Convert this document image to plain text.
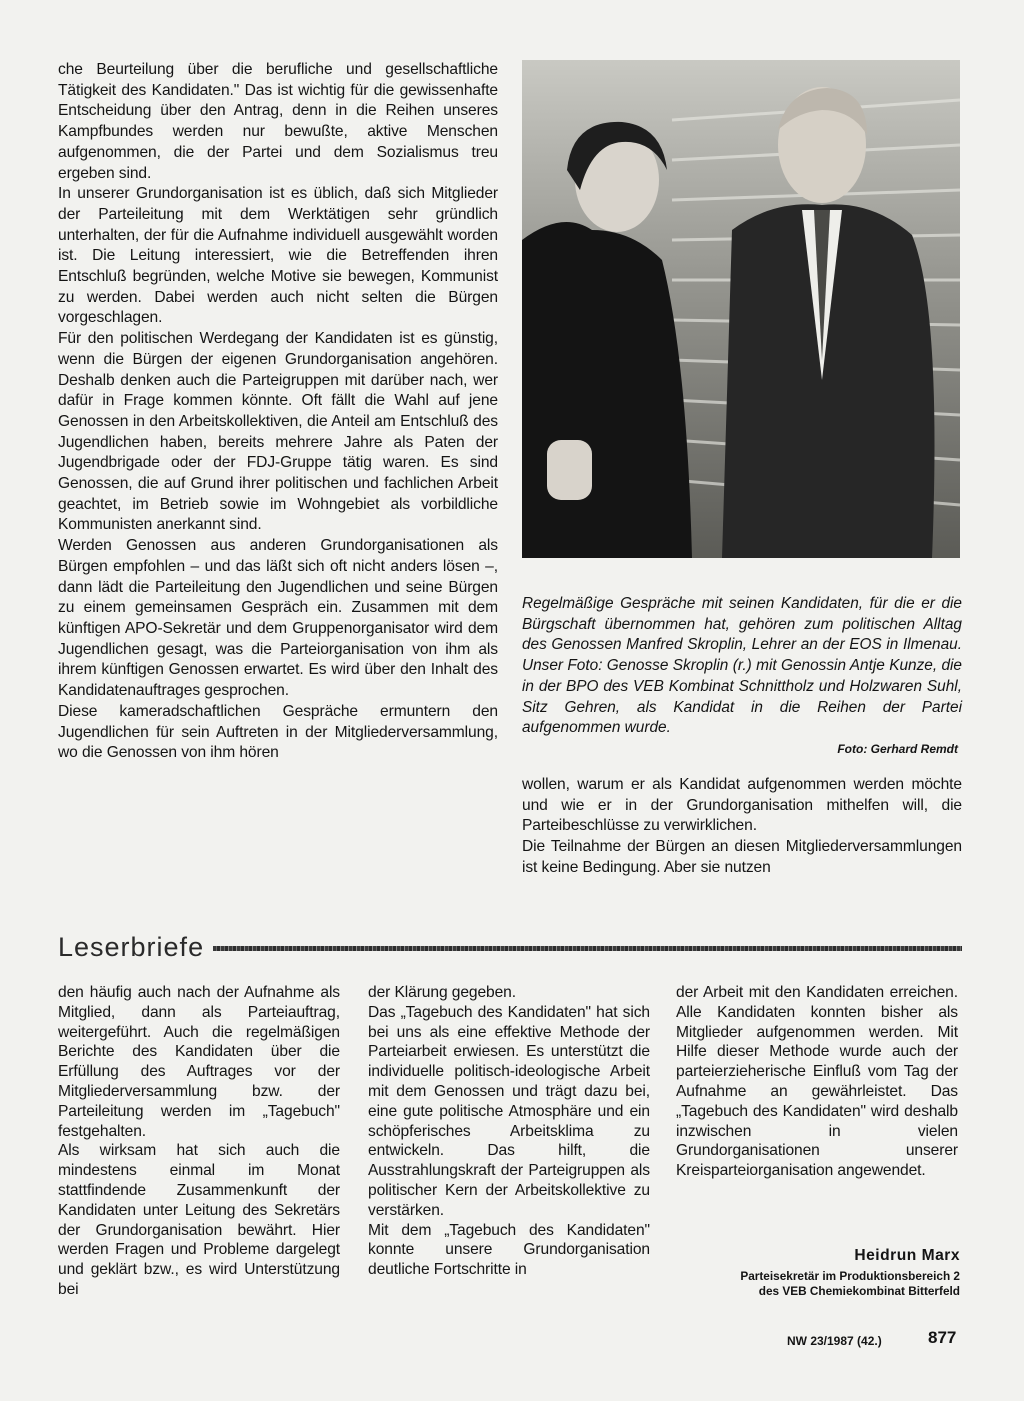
che Beurteilung über die berufliche und gesellschaftliche Tätigkeit des Kandidaten." Das ist wichtig für die gewissenhafte Entscheidung über den Antrag, denn in die Reihen unseres Kampfbundes werden nur bewußte, aktive Menschen aufgenommen, die der Partei und dem Sozialismus treu ergeben sind.

In unserer Grundorganisation ist es üblich, daß sich Mitglieder der Parteileitung mit dem Werktätigen sehr gründlich unterhalten, der für die Aufnahme individuell ausgewählt worden ist. Die Leitung interessiert, wie die Betreffenden ihren Entschluß begründen, welche Motive sie bewegen, Kommunist zu werden. Dabei werden auch nicht selten die Bürgen vorgeschlagen.

Für den politischen Werdegang der Kandidaten ist es günstig, wenn die Bürgen der eigenen Grundorganisation angehören. Deshalb denken auch die Parteigruppen mit darüber nach, wer dafür in Frage kommen könnte. Oft fällt die Wahl auf jene Genossen in den Arbeitskollektiven, die Anteil am Entschluß des Jugendlichen haben, bereits mehrere Jahre als Paten der Jugendbrigade oder der FDJ-Gruppe tätig waren. Es sind Genossen, die auf Grund ihrer politischen und fachlichen Arbeit geachtet, im Betrieb sowie im Wohngebiet als vorbildliche Kommunisten anerkannt sind.

Werden Genossen aus anderen Grundorganisationen als Bürgen empfohlen – und das läßt sich oft nicht anders lösen –, dann lädt die Parteileitung den Jugendlichen und seine Bürgen zu einem gemeinsamen Gespräch ein. Zusammen mit dem künftigen APO-Sekretär und dem Gruppenorganisator wird dem Jugendlichen gesagt, was die Parteiorganisation von ihm als ihrem künftigen Genossen erwartet. Es wird über den Inhalt des Kandidatenauftrages gesprochen.

Diese kameradschaftlichen Gespräche ermuntern den Jugendlichen für sein Auftreten in der Mitgliederversammlung, wo die Genossen von ihm hören

Regelmäßige Gespräche mit seinen Kandidaten, für die er die Bürgschaft übernommen hat, gehören zum politischen Alltag des Genossen Manfred Skroplin, Lehrer an der EOS in Ilmenau. Unser Foto: Genosse Skroplin (r.) mit Genossin Antje Kunze, die in der BPO des VEB Kombinat Schnittholz und Holzwaren Suhl, Sitz Gehren, als Kandidat in die Reihen der Partei aufgenommen wurde.

Foto: Gerhard Remdt

wollen, warum er als Kandidat aufgenommen werden möchte und wie er in der Grundorganisation mithelfen will, die Parteibeschlüsse zu verwirklichen.

Die Teilnahme der Bürgen an diesen Mitgliederversammlungen ist keine Bedingung. Aber sie nutzen

Leserbriefe

den häufig auch nach der Aufnahme als Mitglied, dann als Parteiauftrag, weitergeführt. Auch die regelmäßigen Berichte des Kandidaten über die Erfüllung des Auftrages vor der Mitgliederversammlung bzw. der Parteileitung werden im „Tagebuch" festgehalten.

Als wirksam hat sich auch die mindestens einmal im Monat stattfindende Zusammenkunft der Kandidaten unter Leitung des Sekretärs der Grundorganisation bewährt. Hier werden Fragen und Probleme dargelegt und geklärt bzw., es wird Unterstützung bei

der Klärung gegeben.

Das „Tagebuch des Kandidaten" hat sich bei uns als eine effektive Methode der Parteiarbeit erwiesen. Es unterstützt die individuelle politisch-ideologische Arbeit mit dem Genossen und trägt dazu bei, eine gute politische Atmosphäre und ein schöpferisches Arbeitsklima zu entwickeln. Das hilft, die Ausstrahlungskraft der Parteigruppen als politischer Kern der Arbeitskollektive zu verstärken.

Mit dem „Tagebuch des Kandidaten" konnte unsere Grundorganisation deutliche Fortschritte in

der Arbeit mit den Kandidaten erreichen. Alle Kandidaten konnten bisher als Mitglieder aufgenommen werden. Mit Hilfe dieser Methode wurde auch der parteierzieherische Einfluß vom Tag der Aufnahme an gewährleistet. Das „Tagebuch des Kandidaten" wird deshalb inzwischen in vielen Grundorganisationen unserer Kreisparteiorganisation angewendet.

Heidrun Marx
Parteisekretär im Produktionsbereich 2
des VEB Chemiekombinat Bitterfeld
NW 23/1987 (42.)	877
